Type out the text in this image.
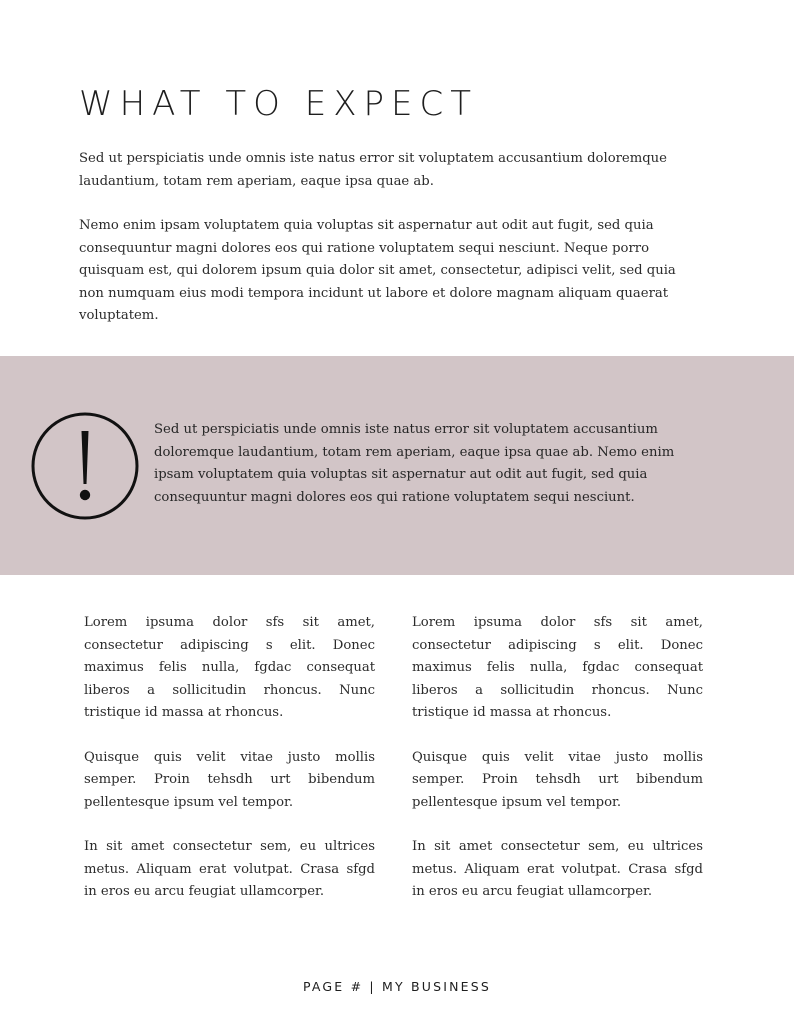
WHAT TO EXPECT

Sed ut perspiciatis unde omnis iste natus error sit voluptatem accusantium doloremque laudantium, totam rem aperiam, eaque ipsa quae ab.

Nemo enim ipsam voluptatem quia voluptas sit aspernatur aut odit aut fugit, sed quia consequuntur magni dolores eos qui ratione voluptatem sequi nesciunt. Neque porro quisquam est, qui dolorem ipsum quia dolor sit amet, consectetur, adipisci velit, sed quia non numquam eius modi tempora incidunt ut labore et dolore magnam aliquam quaerat voluptatem.

Sed ut perspiciatis unde omnis iste natus error sit voluptatem accusantium doloremque laudantium, totam rem aperiam, eaque ipsa quae ab. Nemo enim ipsam voluptatem quia voluptas sit aspernatur aut odit aut fugit, sed quia consequuntur magni dolores eos qui ratione voluptatem sequi nesciunt.

Lorem ipsuma dolor sfs sit amet, consectetur adipiscing s elit. Donec maximus felis nulla, fgdac consequat liberos a sollicitudin rhoncus. Nunc tristique id massa at rhoncus.

Quisque quis velit vitae justo mollis semper. Proin tehsdh urt bibendum pellentesque ipsum vel tempor.

In sit amet consectetur sem, eu ultrices metus. Aliquam erat volutpat. Crasa sfgd in eros eu arcu feugiat ullamcorper.

Lorem ipsuma dolor sfs sit amet, consectetur adipiscing s elit. Donec maximus felis nulla, fgdac consequat liberos a sollicitudin rhoncus. Nunc tristique id massa at rhoncus.

Quisque quis velit vitae justo mollis semper. Proin tehsdh urt bibendum pellentesque ipsum vel tempor.

In sit amet consectetur sem, eu ultrices metus. Aliquam erat volutpat. Crasa sfgd in eros eu arcu feugiat ullamcorper.

PAGE # | MY BUSINESS
